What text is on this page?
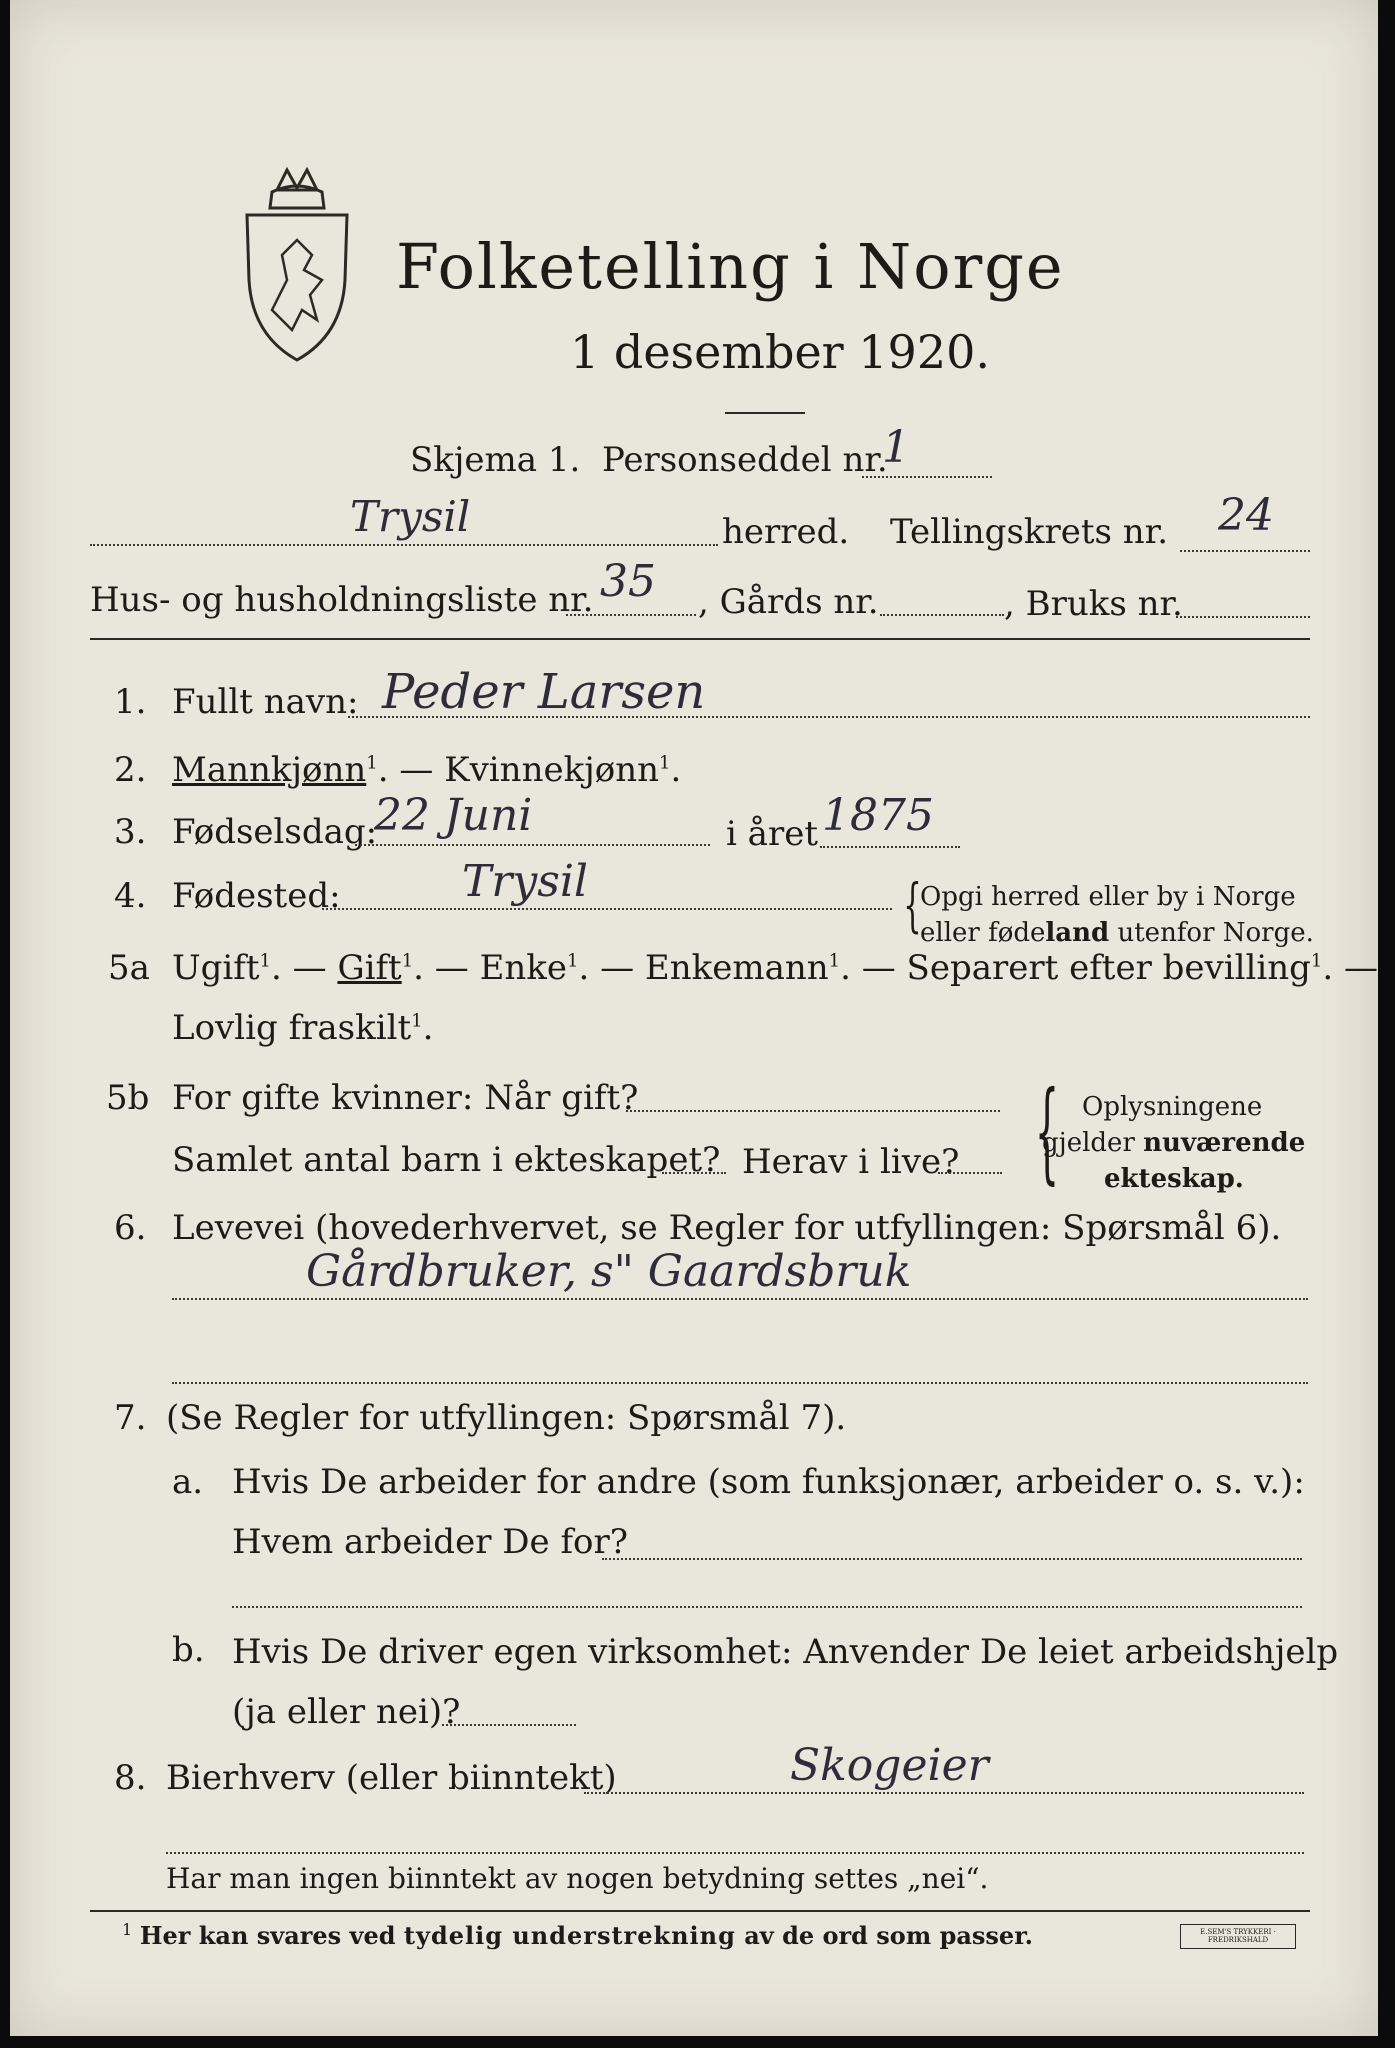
Folketelling i Norge
1 desember 1920.
Skjema 1. Personseddel nr.
1
Trysil	herred. Tellingskrets nr. 24
Hus- og husholdningsliste nr. 35 , Gårds nr.	, Bruks nr.
1. Fullt navn: Peder Larsen
2. Mannkjønn$^1$. — Kvinnekjønn$^1$.
3. Fødselsdag:
22 Juni	i året 1875
4. Fødested:	Trysil	{
Opgi herred eller by i Norge
eller fødeland utenfor Norge.
5a Ugift$^1$. — Gift$^1$. — Enke$^1$. — Enkemann$^1$. — Separert efter bevilling$^1$. —
Lovlig fraskilt$^1$.
5b For gifte kvinner: Når gift?
Samlet antal barn i ekteskapet? Herav i live? { Oplysningene
gjelder nuværende
ekteskap.
6. Levevei (hovederhvervet, se Regler for utfyllingen: Spørsmål 6).
Gårdbruker, s" Gaardsbruk
7. (Se Regler for utfyllingen: Spørsmål 7).
a. Hvis De arbeider for andre (som funksjonær, arbeider o. s. v.):
Hvem arbeider De for?
b. Hvis De driver egen virksomhet: Anvender De leiet arbeidshjelp
(ja eller nei)?
8. Bierhverv (eller biinntekt)	Skogeier
Har man ingen biinntekt av nogen betydning settes „nei“.
$^1$ Her kan svares ved tydelig understrekning av de ord som passer.	E.SEM'S TRYKKERI · FREDRIKSHALD
